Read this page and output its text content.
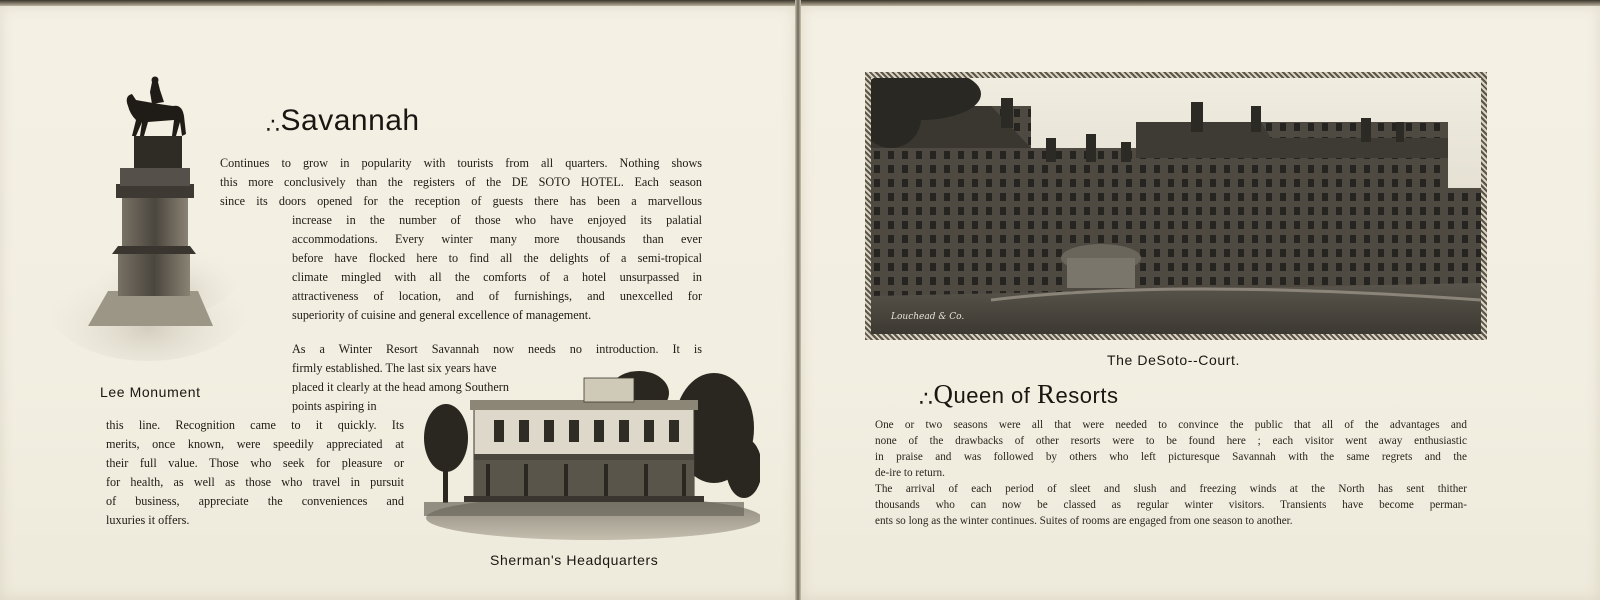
∴Savannah
Continues to grow in popularity with tourists from all quarters. Nothing shows
this more conclusively than the registers of the DE SOTO HOTEL. Each season
since its doors opened for the reception of guests there has been a marvellous
increase in the number of those who have enjoyed its palatial
accommodations. Every winter many more thousands than ever
before have flocked here to find all the delights of a semi-tropical
climate mingled with all the comforts of a hotel unsurpassed in
attractiveness of location, and of furnishings, and unexcelled for
superiority of cuisine and general excellence of management.
As a Winter Resort Savannah now needs no introduction. It is
firmly established. The last six years have
placed it clearly at the head among Southern
points aspiring in
Lee Monument
this line. Recognition came to it quickly. Its
merits, once known, were speedily appreciated at
their full value. Those who seek for pleasure or
for health, as well as those who travel in pursuit
of business, appreciate the conveniences and
luxuries it offers.
Sherman's Headquarters
Louchead & Co.
The DeSoto--Court.
∴Queen of Resorts
One or two seasons were all that were needed to convince the public that all of the advantages and
none of the drawbacks of other resorts were to be found here ; each visitor went away enthusiastic
in praise and was followed by others who left picturesque Savannah with the same regrets and the
de-ire to return.
The arrival of each period of sleet and slush and freezing winds at the North has sent thither
thousands who can now be classed as regular winter visitors. Transients have become perman-
ents so long as the winter continues. Suites of rooms are engaged from one season to another.
